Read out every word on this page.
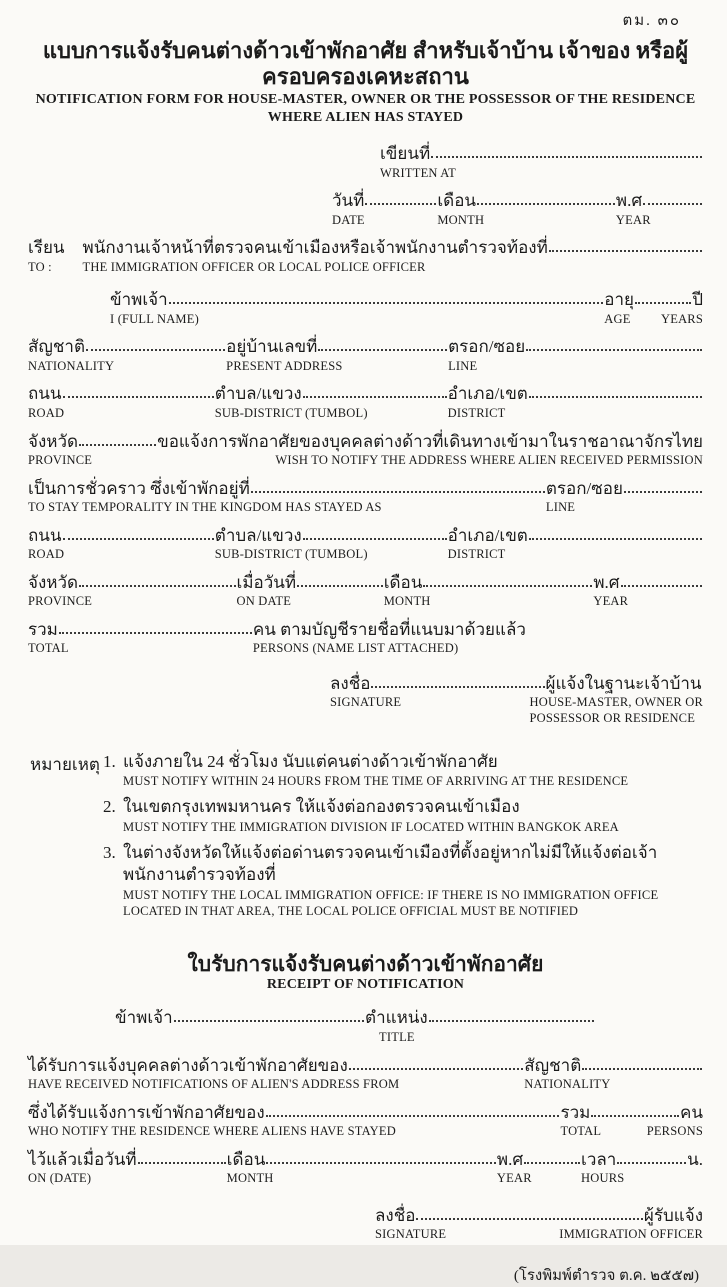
ตม. ๓๐
แบบการแจ้งรับคนต่างด้าวเข้าพักอาศัย สำหรับเจ้าบ้าน เจ้าของ หรือผู้ครอบครองเคหะสถาน
NOTIFICATION FORM FOR HOUSE-MASTER, OWNER OR THE POSSESSOR OF THE RESIDENCE
WHERE ALIEN HAS STAYED
เขียนที่
WRITTEN AT
วันที่	เดือน	พ.ศ
DATE	MONTH	YEAR
เรียน พนักงานเจ้าหน้าที่ตรวจคนเข้าเมืองหรือเจ้าพนักงานตำรวจท้องที่
TO :	THE IMMIGRATION OFFICER OR LOCAL POLICE OFFICER
ข้าพเจ้า	อายุ	ปี
I (FULL NAME)	AGE	YEARS
สัญชาติ	อยู่บ้านเลขที่	ตรอก/ซอย
NATIONALITY	PRESENT ADDRESS	LINE
ถนน	ตำบล/แขวง	อำเภอ/เขต
ROAD	SUB-DISTRICT (TUMBOL)	DISTRICT
จังหวัด	ขอแจ้งการพักอาศัยของบุคคลต่างด้าวที่เดินทางเข้ามาในราชอาณาจักรไทย
PROVINCE	WISH TO NOTIFY THE ADDRESS WHERE ALIEN RECEIVED PERMISSION
เป็นการชั่วคราว ซึ่งเข้าพักอยู่ที่	ตรอก/ซอย
TO STAY TEMPORALITY IN THE KINGDOM HAS STAYED AS	LINE
ถนน	ตำบล/แขวง	อำเภอ/เขต
ROAD	SUB-DISTRICT (TUMBOL)	DISTRICT
จังหวัด	เมื่อวันที่	เดือน	พ.ศ
PROVINCE	ON DATE	MONTH	YEAR
รวม	คน ตามบัญชีรายชื่อที่แนบมาด้วยแล้ว
TOTAL	PERSONS (NAME LIST ATTACHED)
ลงชื่อ	ผู้แจ้งในฐานะเจ้าบ้าน
SIGNATURE	HOUSE-MASTER, OWNER OR
POSSESSOR OR RESIDENCE
หมายเหตุ 1. แจ้งภายใน 24 ชั่วโมง นับแต่คนต่างด้าวเข้าพักอาศัย
MUST NOTIFY WITHIN 24 HOURS FROM THE TIME OF ARRIVING AT THE RESIDENCE
2. ในเขตกรุงเทพมหานคร ให้แจ้งต่อกองตรวจคนเข้าเมือง
MUST NOTIFY THE IMMIGRATION DIVISION IF LOCATED WITHIN BANGKOK AREA
3. ในต่างจังหวัดให้แจ้งต่อด่านตรวจคนเข้าเมืองที่ตั้งอยู่หากไม่มีให้แจ้งต่อเจ้าพนักงานตำรวจท้องที่
MUST NOTIFY THE LOCAL IMMIGRATION OFFICE: IF THERE IS NO IMMIGRATION OFFICE
LOCATED IN THAT AREA, THE LOCAL POLICE OFFICIAL MUST BE NOTIFIED
ใบรับการแจ้งรับคนต่างด้าวเข้าพักอาศัย
RECEIPT OF NOTIFICATION
ข้าพเจ้า	ตำแหน่ง
TITLE
ได้รับการแจ้งบุคคลต่างด้าวเข้าพักอาศัยของ	สัญชาติ
HAVE RECEIVED NOTIFICATIONS OF ALIEN'S ADDRESS FROM	NATIONALITY
ซึ่งได้รับแจ้งการเข้าพักอาศัยของ	รวม	คน
WHO NOTIFY THE RESIDENCE WHERE ALIENS HAVE STAYED	TOTAL	PERSONS
ไว้แล้วเมื่อวันที่	เดือน	พ.ศ	เวลา	น.
ON (DATE)	MONTH	YEAR	HOURS
ลงชื่อ	ผู้รับแจ้ง
SIGNATURE	IMMIGRATION OFFICER
(โรงพิมพ์ตำรวจ ต.ค. ๒๕๕๗)
